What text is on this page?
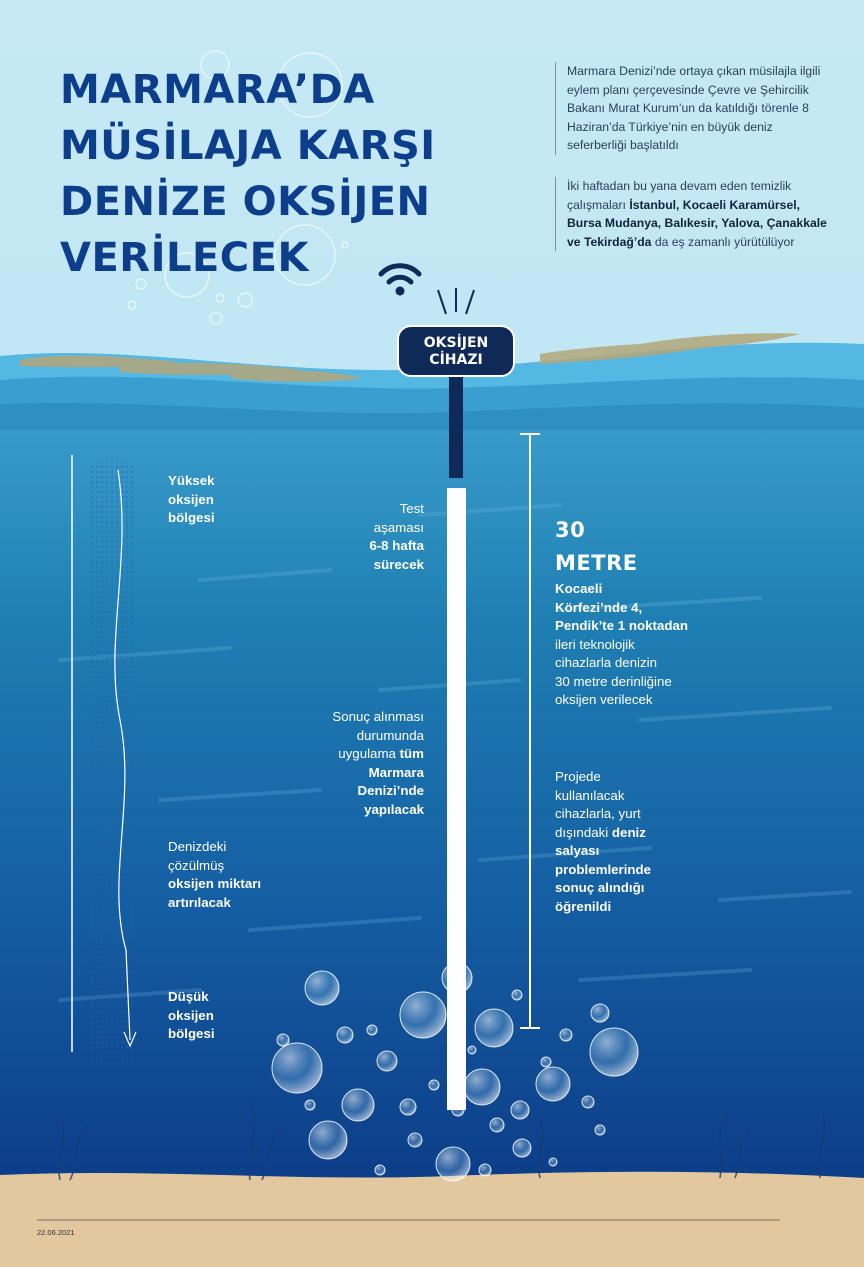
OKSİJEN
CİHAZI
MARMARA’DA
MÜSİLAJA KARŞI
DENİZE OKSİJEN
VERİLECEK
Marmara Denizi’nde ortaya çıkan müsilajla ilgili eylem planı çerçevesinde Çevre ve Şehircilik Bakanı Murat Kurum’un da katıldığı törenle 8 Haziran’da Türkiye’nin en büyük deniz seferberliği başlatıldı
İki haftadan bu yana devam eden temizlik çalışmaları İstanbul, Kocaeli Karamürsel, Bursa Mudanya, Balıkesir, Yalova, Çanakkale ve Tekirdağ’da da eş zamanlı yürütülüyor
Yüksek
oksijen
bölgesi
Denizdeki
çözülmüş
oksijen miktarı
artırılacak
Düşük
oksijen
bölgesi
Test
aşaması
6-8 hafta
sürecek
Sonuç alınması
durumunda
uygulama tüm
Marmara
Denizi’nde
yapılacak
30
METRE
Kocaeli
Körfezi’nde 4,
Pendik’te 1 noktadan
ileri teknolojik
cihazlarla denizin
30 metre derinliğine
oksijen verilecek
Projede
kullanılacak
cihazlarla, yurt
dışındaki deniz
salyası
problemlerinde
sonuç alındığı
öğrenildi
22.06.2021
